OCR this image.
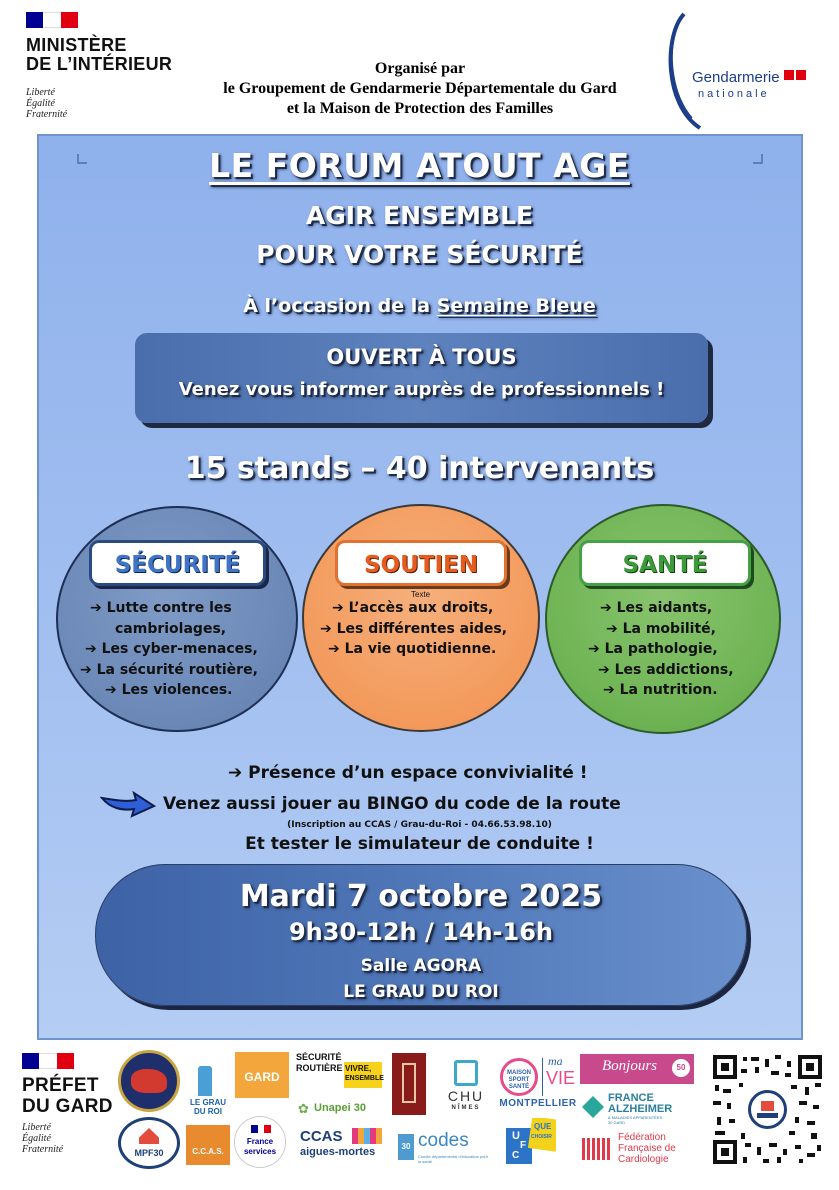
MINISTÈRE
DE L’INTÉRIEUR
Liberté
Égalité
Fraternité
Organisé par
le Groupement de Gendarmerie Départementale du Gard
et la Maison de Protection des Familles
Gendarmerie
nationale
LE FORUM ATOUT AGE
AGIR ENSEMBLE
POUR VOTRE SÉCURITÉ
À l’occasion de la Semaine Bleue
OUVERT À TOUS
Venez vous informer auprès de professionnels !
15 stands – 40 intervenants
SÉCURITÉ	SOUTIEN	SANTÉ
Texte
➔ Lutte contre les
cambriolages,
➔ Les cyber-menaces,
➔ La sécurité routière,
➔ Les violences.
➔ L’accès aux droits,
➔ Les différentes aides,
➔ La vie quotidienne.
➔ Les aidants,
➔ La mobilité,
➔ La pathologie,
➔ Les addictions,
➔ La nutrition.
➔ Présence d’un espace convivialité !
Venez aussi jouer au BINGO du code de la route
(Inscription au CCAS / Grau-du-Roi - 04.66.53.98.10)
Et tester le simulateur de conduite !
Mardi 7 octobre 2025
9h30-12h / 14h-16h
Salle AGORA
LE GRAU DU ROI
PRÉFET
DU GARD
Liberté
Égalité
Fraternité	MPF30
LE GRAU DU ROI
GARD
C.C.A.S.
France
services
SÉCURITÉ
ROUTIÈRE VIVRE,
ENSEMBLE
✿ Unapei 30
CCAS
aigues-mortes	30 codes
Comité départemental d'éducation pour la santé
CHU
NÎMES
MAISON SPORT SANTÉ
ma
VIE
MONTPELLIER
U
F
C
QUE
CHOISIR
Bonjours	50
FRANCE
ALZHEIMER
& MALADIES APPARENTÉES
30 GARD
Fédération
Française de
Cardiologie
